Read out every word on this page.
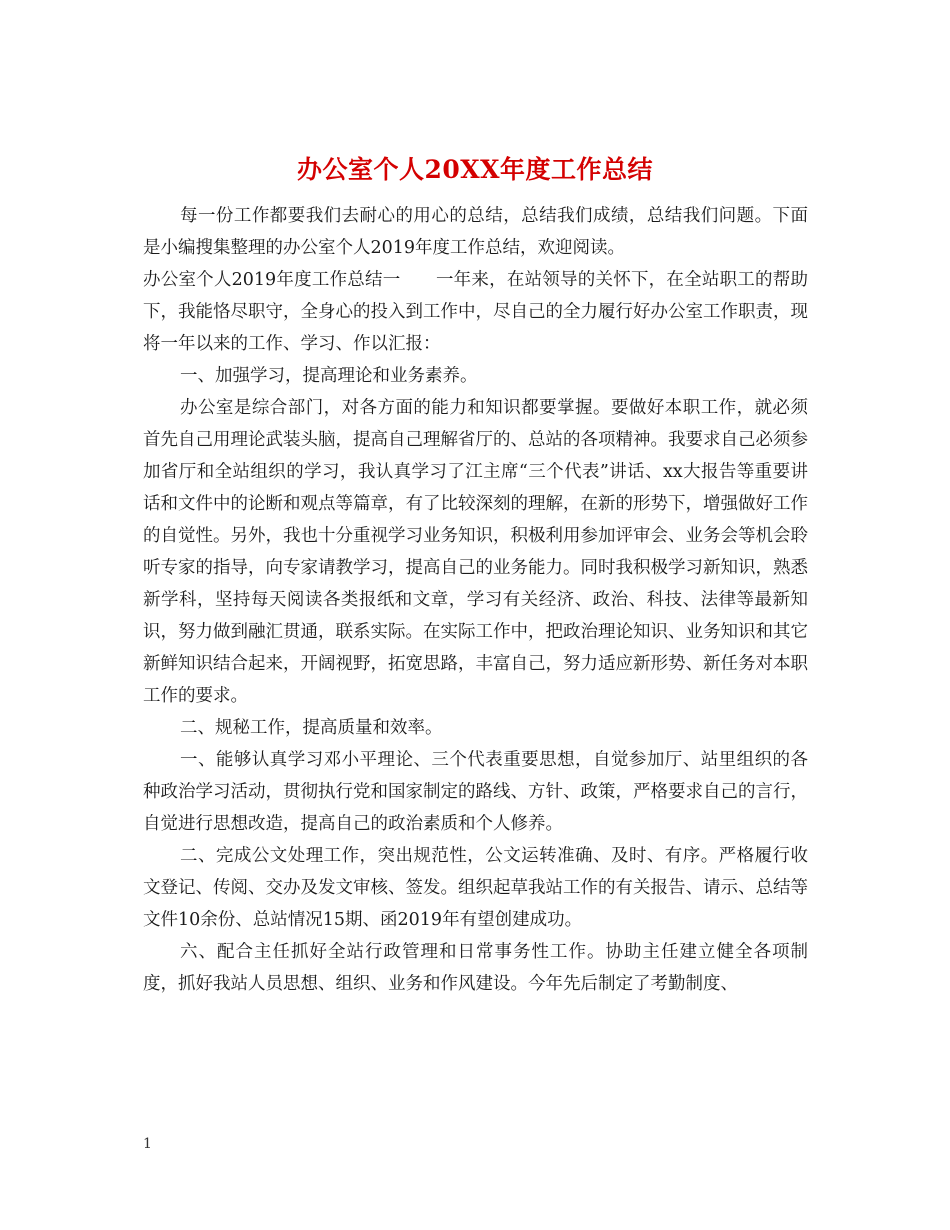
办公室个人20XX年度工作总结

每一份工作都要我们去耐心的用心的总结，总结我们成绩，总结我们问题。下面是小编搜集整理的办公室个人2019年度工作总结，欢迎阅读。

办公室个人2019年度工作总结一　　一年来，在站领导的关怀下，在全站职工的帮助下，我能恪尽职守，全身心的投入到工作中，尽自己的全力履行好办公室工作职责，现将一年以来的工作、学习、作以汇报：

一、加强学习，提高理论和业务素养。

办公室是综合部门，对各方面的能力和知识都要掌握。要做好本职工作，就必须首先自己用理论武装头脑，提高自己理解省厅的、总站的各项精神。我要求自己必须参加省厅和全站组织的学习，我认真学习了江主席“三个代表”讲话、xx大报告等重要讲话和文件中的论断和观点等篇章，有了比较深刻的理解，在新的形势下，增强做好工作的自觉性。另外，我也十分重视学习业务知识，积极利用参加评审会、业务会等机会聆听专家的指导，向专家请教学习，提高自己的业务能力。同时我积极学习新知识，熟悉新学科，坚持每天阅读各类报纸和文章，学习有关经济、政治、科技、法律等最新知识，努力做到融汇贯通，联系实际。在实际工作中，把政治理论知识、业务知识和其它新鲜知识结合起来，开阔视野，拓宽思路，丰富自己，努力适应新形势、新任务对本职工作的要求。

二、规秘工作，提高质量和效率。

一、能够认真学习邓小平理论、三个代表重要思想，自觉参加厅、站里组织的各种政治学习活动，贯彻执行党和国家制定的路线、方针、政策，严格要求自己的言行，自觉进行思想改造，提高自己的政治素质和个人修养。

二、完成公文处理工作，突出规范性，公文运转准确、及时、有序。严格履行收文登记、传阅、交办及发文审核、签发。组织起草我站工作的有关报告、请示、总结等文件10余份、总站情况15期、函2019年有望创建成功。

六、配合主任抓好全站行政管理和日常事务性工作。协助主任建立健全各项制度，抓好我站人员思想、组织、业务和作风建设。今年先后制定了考勤制度、

1
